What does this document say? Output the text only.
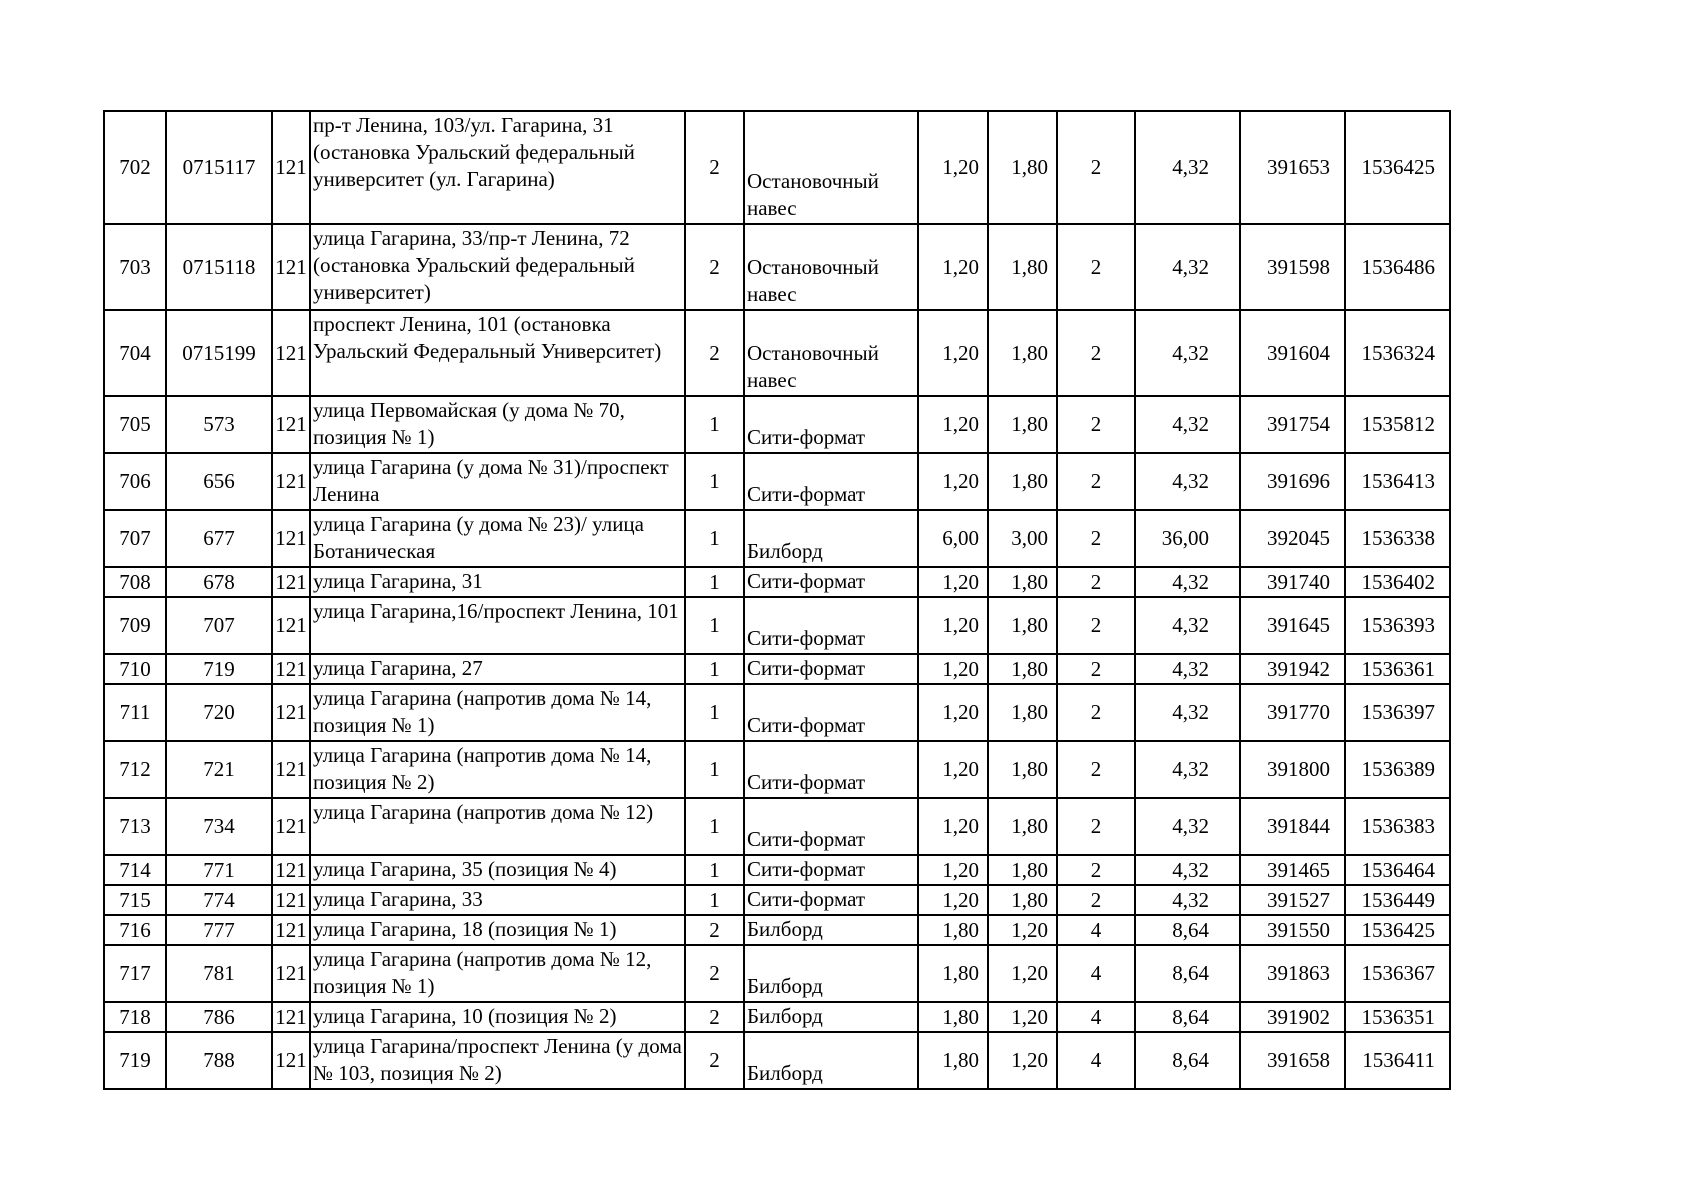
702	0715117	121	пр-т Ленина, 103/ул. Гагарина, 31 (остановка Уральский федеральный университет (ул. Гагарина)	2	Остановочный навес	1,20	1,80	2	4,32	391653	1536425
703	0715118	121	улица Гагарина, 33/пр-т Ленина, 72 (остановка Уральский федеральный университет)	2	Остановочный навес	1,20	1,80	2	4,32	391598	1536486
704	0715199	121	проспект Ленина, 101 (остановка Уральский Федеральный Университет)	2	Остановочный навес	1,20	1,80	2	4,32	391604	1536324
705	573	121	улица Первомайская (у дома № 70, позиция № 1)	1	Сити-формат	1,20	1,80	2	4,32	391754	1535812
706	656	121	улица Гагарина (у дома № 31)/проспект Ленина	1	Сити-формат	1,20	1,80	2	4,32	391696	1536413
707	677	121	улица Гагарина (у дома № 23)/ улица Ботаническая	1	Билборд	6,00	3,00	2	36,00	392045	1536338
708	678	121	улица Гагарина, 31	1	Сити-формат	1,20	1,80	2	4,32	391740	1536402
709	707	121	улица Гагарина,16/проспект Ленина, 101	1	Сити-формат	1,20	1,80	2	4,32	391645	1536393
710	719	121	улица Гагарина, 27	1	Сити-формат	1,20	1,80	2	4,32	391942	1536361
711	720	121	улица Гагарина (напротив дома № 14, позиция № 1)	1	Сити-формат	1,20	1,80	2	4,32	391770	1536397
712	721	121	улица Гагарина (напротив дома № 14, позиция № 2)	1	Сити-формат	1,20	1,80	2	4,32	391800	1536389
713	734	121	улица Гагарина (напротив дома № 12)	1	Сити-формат	1,20	1,80	2	4,32	391844	1536383
714	771	121	улица Гагарина, 35 (позиция № 4)	1	Сити-формат	1,20	1,80	2	4,32	391465	1536464
715	774	121	улица Гагарина, 33	1	Сити-формат	1,20	1,80	2	4,32	391527	1536449
716	777	121	улица Гагарина, 18 (позиция № 1)	2	Билборд	1,80	1,20	4	8,64	391550	1536425
717	781	121	улица Гагарина (напротив дома № 12, позиция № 1)	2	Билборд	1,80	1,20	4	8,64	391863	1536367
718	786	121	улица Гагарина, 10 (позиция № 2)	2	Билборд	1,80	1,20	4	8,64	391902	1536351
719	788	121	улица Гагарина/проспект Ленина (у дома № 103, позиция № 2)	2	Билборд	1,80	1,20	4	8,64	391658	1536411
